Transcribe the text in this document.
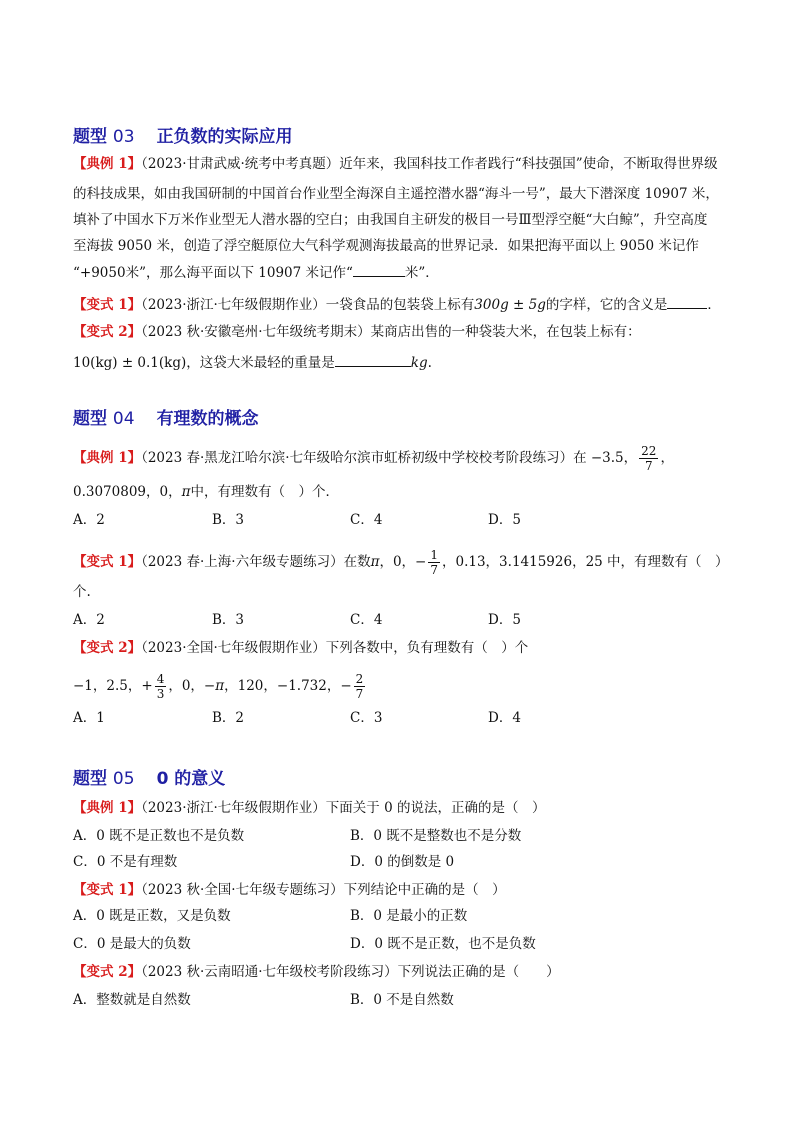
题型 03 正负数的实际应用
【典例 1】（2023·甘肃武威·统考中考真题）近年来，我国科技工作者践行“科技强国”使命，不断取得世界级
的科技成果，如由我国研制的中国首台作业型全海深自主遥控潜水器“海斗一号”，最大下潜深度 10907 米，
填补了中国水下万米作业型无人潜水器的空白；由我国自主研发的极目一号Ⅲ型浮空艇“大白鲸”，升空高度
至海拔 9050 米，创造了浮空艇原位大气科学观测海拔最高的世界记录．如果把海平面以上 9050 米记作
“+9050米”，那么海平面以下 10907 米记作“	米”．
【变式 1】（2023·浙江·七年级假期作业）一袋食品的包装袋上标有300g ± 5g的字样，它的含义是	．
【变式 2】（2023 秋·安徽亳州·七年级统考期末）某商店出售的一种袋装大米，在包装上标有：
10(kg) ± 0.1(kg)，这袋大米最轻的重量是	kg.
题型 04 有理数的概念
【典例 1】（2023 春·黑龙江哈尔滨·七年级哈尔滨市虹桥初级中学校校考阶段练习）在 −3.5， $\frac{22}{7}$ ，
0.3070809，0，π中，有理数有（　）个．
A．2	B．3	C．4	D．5
【变式 1】（2023 春·上海·六年级专题练习）在数π，0，− $\frac{1}{7}$ ，0.13，3.1415926，25 中，有理数有（　）
个.
A．2	B．3	C．4	D．5
【变式 2】（2023·全国·七年级假期作业）下列各数中，负有理数有（　）个
−1，2.5，+ $\frac{4}{3}$ ，0，−π，120，−1.732，− $\frac{2}{7}$
A．1	B．2	C．3	D．4
题型 05 0 的意义
【典例 1】（2023·浙江·七年级假期作业）下面关于 0 的说法，正确的是（　）
A．0 既不是正数也不是负数	B．0 既不是整数也不是分数
C．0 不是有理数	D．0 的倒数是 0
【变式 1】（2023 秋·全国·七年级专题练习）下列结论中正确的是（　）
A．0 既是正数，又是负数	B．0 是最小的正数
C．0 是最大的负数	D．0 既不是正数，也不是负数
【变式 2】（2023 秋·云南昭通·七年级校考阶段练习）下列说法正确的是（　　）
A．整数就是自然数	B．0 不是自然数
